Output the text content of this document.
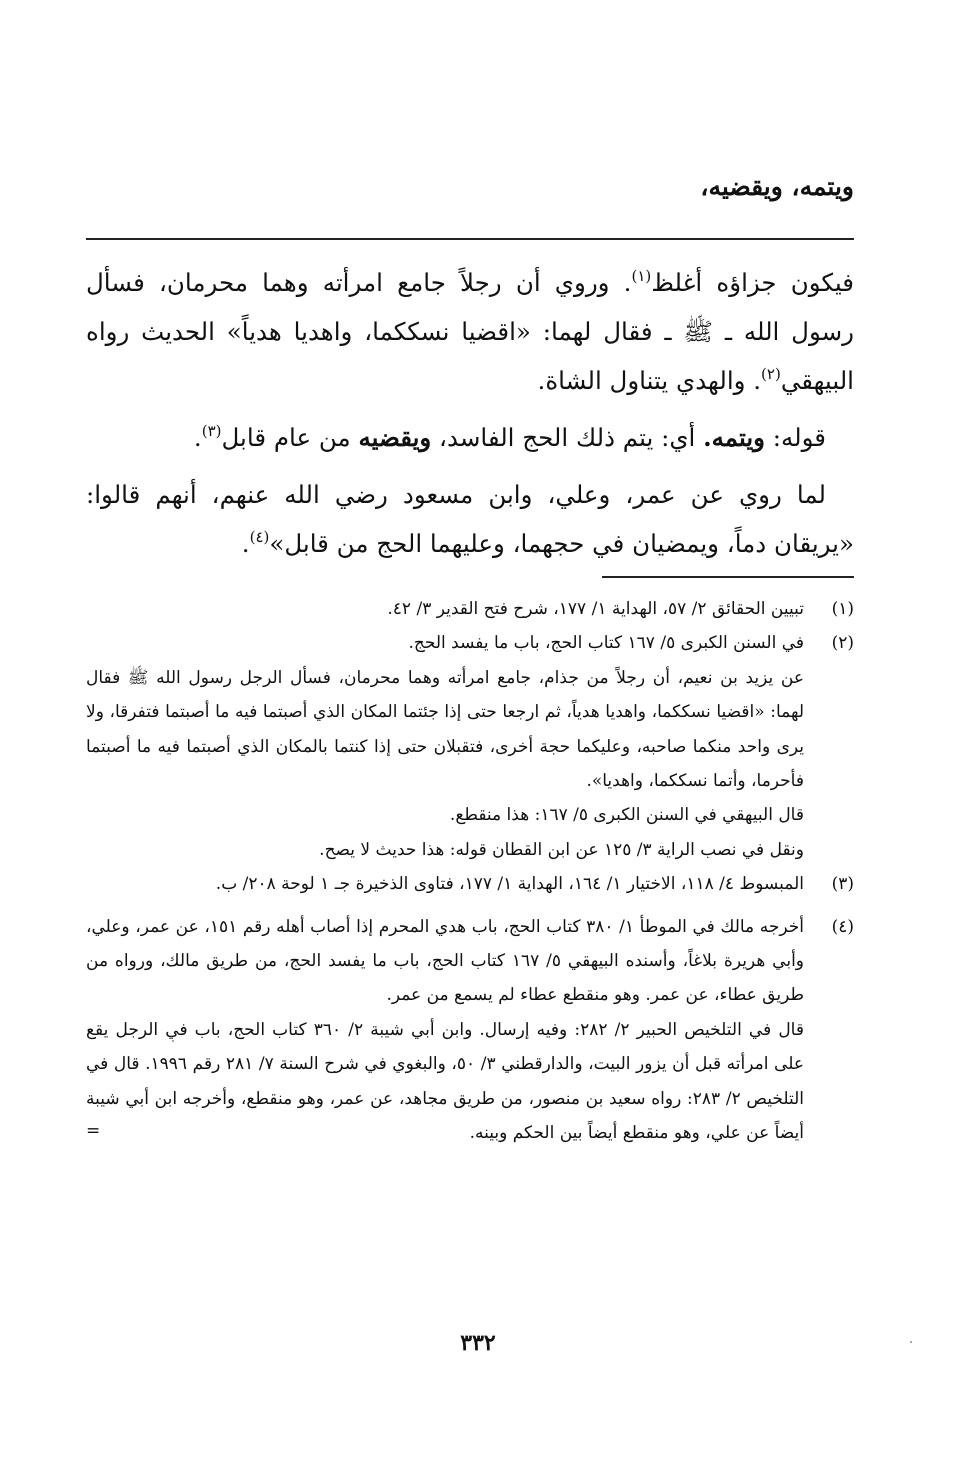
ويتمه، ويقضيه،

فيكون جزاؤه أغلظ$^{(١)}$. وروي أن رجلاً جامع امرأته وهما محرمان، فسأل رسول الله ـ ﷺ ـ فقال لهما: «اقضيا نسككما، واهديا هدياً» الحديث رواه البيهقي$^{(٢)}$. والهدي يتناول الشاة.

قوله: ويتمه. أي: يتم ذلك الحج الفاسد، ويقضيه من عام قابل$^{(٣)}$.

لما روي عن عمر، وعلي، وابن مسعود رضي الله عنهم، أنهم قالوا: «يريقان دماً، ويمضيان في حجهما، وعليهما الحج من قابل»$^{(٤)}$.

(١)

تبيين الحقائق ٢/ ٥٧، الهداية ١/ ١٧٧، شرح فتح القدير ٣/ ٤٢.

(٢)

في السنن الكبرى ٥/ ١٦٧ كتاب الحج، باب ما يفسد الحج.

عن يزيد بن نعيم، أن رجلاً من جذام، جامع امرأته وهما محرمان، فسأل الرجل رسول الله ﷺ فقال لهما: «اقضيا نسككما، واهديا هدياً، ثم ارجعا حتى إذا جئتما المكان الذي أصبتما فيه ما أصبتما فتفرقا، ولا يرى واحد منكما صاحبه، وعليكما حجة أخرى، فتقبلان حتى إذا كنتما بالمكان الذي أصبتما فيه ما أصبتما فأحرما، وأتما نسككما، واهديا».

قال البيهقي في السنن الكبرى ٥/ ١٦٧: هذا منقطع.

ونقل في نصب الراية ٣/ ١٢٥ عن ابن القطان قوله: هذا حديث لا يصح.

(٣)

المبسوط ٤/ ١١٨، الاختيار ١/ ١٦٤، الهداية ١/ ١٧٧، فتاوى الذخيرة جـ ١ لوحة ٢٠٨/ ب.

(٤)

أخرجه مالك في الموطأ ١/ ٣٨٠ كتاب الحج، باب هدي المحرم إذا أصاب أهله رقم ١٥١، عن عمر، وعلي، وأبي هريرة بلاغاً، وأسنده البيهقي ٥/ ١٦٧ كتاب الحج، باب ما يفسد الحج، من طريق مالك، ورواه من طريق عطاء، عن عمر. وهو منقطع عطاء لم يسمع من عمر.

قال في التلخيص الحبير ٢/ ٢٨٢: وفيه إرسال. وابن أبي شيبة ٢/ ٣٦٠ كتاب الحج، باب في الرجل يقع على امرأته قبل أن يزور البيت، والدارقطني ٣/ ٥٠، والبغوي في شرح السنة ٧/ ٢٨١ رقم ١٩٩٦. قال في التلخيص ٢/ ٢٨٣: رواه سعيد بن منصور، من طريق مجاهد، عن عمر، وهو منقطع، وأخرجه ابن أبي شيبة أيضاً عن علي، وهو منقطع أيضاً بين الحكم وبينه.

=
٣٣٢
